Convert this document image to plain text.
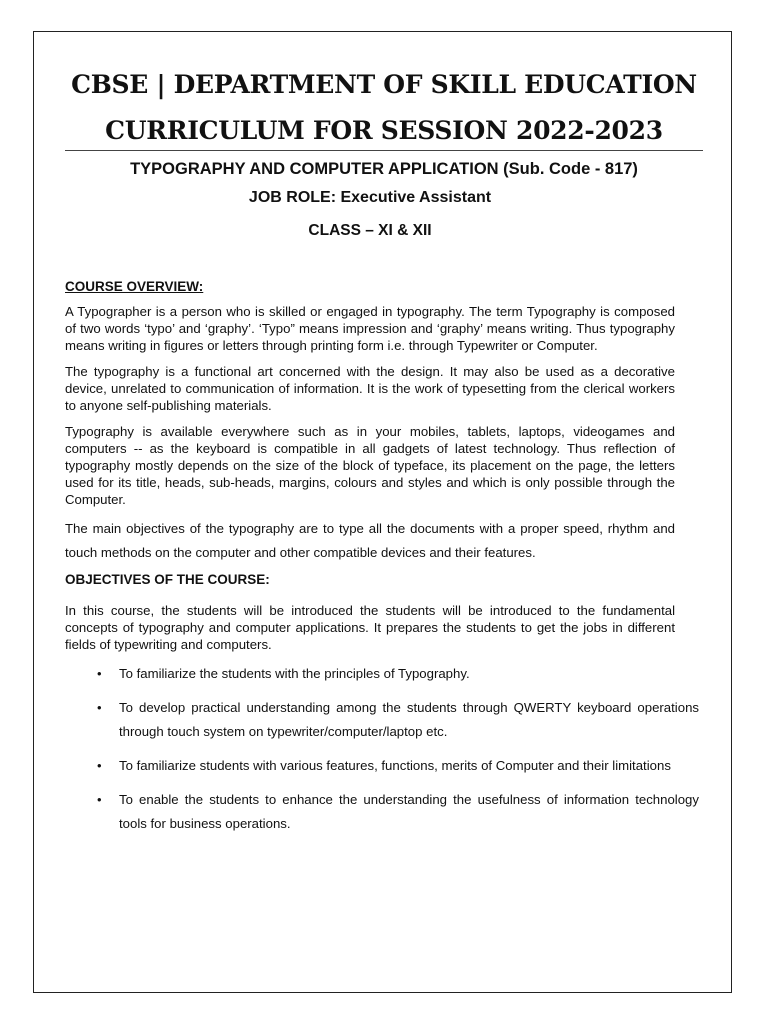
CBSE | DEPARTMENT OF SKILL EDUCATION
CURRICULUM FOR SESSION 2022-2023
TYPOGRAPHY AND COMPUTER APPLICATION (Sub. Code - 817)
JOB ROLE: Executive Assistant
CLASS – XI & XII
COURSE OVERVIEW:

A Typographer is a person who is skilled or engaged in typography. The term Typography is composed of two words ‘typo’ and ‘graphy’. ‘Typo” means impression and ‘graphy’ means writing. Thus typography means writing in figures or letters through printing form i.e. through Typewriter or Computer.

The typography is a functional art concerned with the design. It may also be used as a decorative device, unrelated to communication of information. It is the work of typesetting from the clerical workers to anyone self-publishing materials.

Typography is available everywhere such as in your mobiles, tablets, laptops, videogames and computers -- as the keyboard is compatible in all gadgets of latest technology. Thus reflection of typography mostly depends on the size of the block of typeface, its placement on the page, the letters used for its title, heads, sub-heads, margins, colours and styles and which is only possible through the Computer.

The main objectives of the typography are to type all the documents with a proper speed, rhythm and touch methods on the computer and other compatible devices and their features.

OBJECTIVES OF THE COURSE:

In this course, the students will be introduced the students will be introduced to the fundamental concepts of typography and computer applications. It prepares the students to get the jobs in different fields of typewriting and computers.

• To familiarize the students with the principles of Typography.
• To develop practical understanding among the students through QWERTY keyboard operations through touch system on typewriter/computer/laptop etc.
• To familiarize students with various features, functions, merits of Computer and their limitations
• To enable the students to enhance the understanding the usefulness of information technology tools for business operations.
